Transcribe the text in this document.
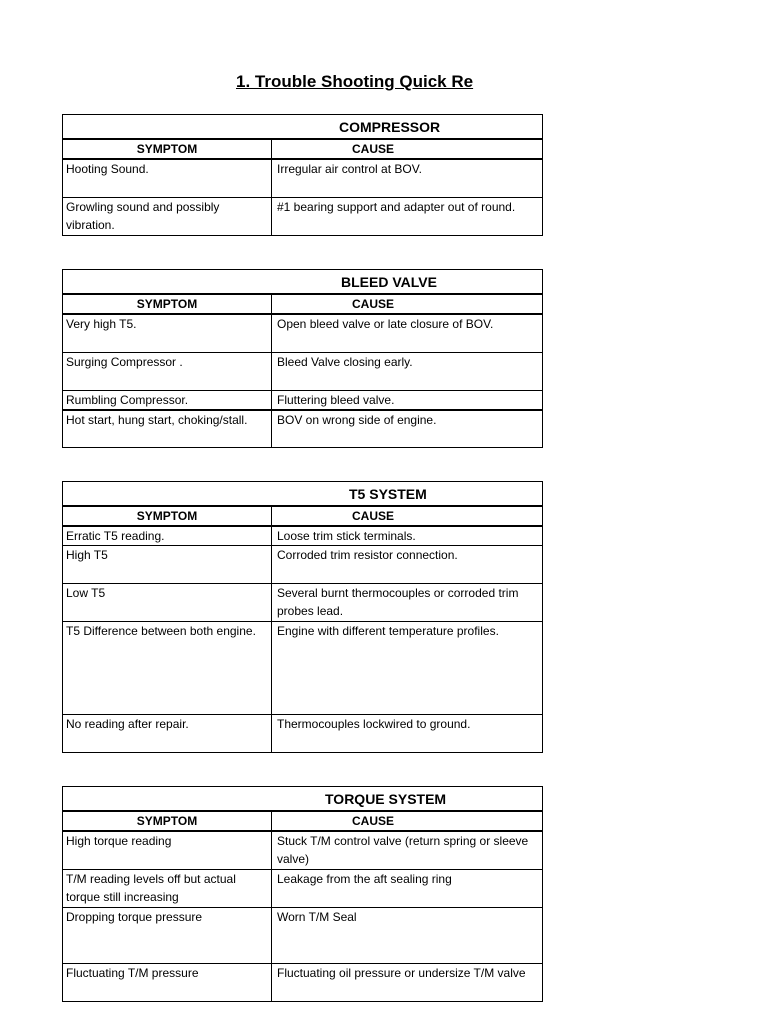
1. Trouble Shooting Quick Re
COMPRESSOR	
SYMPTOM	CAUSE
Hooting Sound.	Irregular air control at BOV.
Growling sound and possibly vibration.	#1 bearing support and adapter out of round.
BLEED VALVE	
SYMPTOM	CAUSE
Very high T5.	Open bleed valve or late closure of BOV.
Surging Compressor .	Bleed Valve closing early.
Rumbling Compressor.	Fluttering bleed valve.
Hot start, hung start, choking/stall.	BOV on wrong side of engine.
T5 SYSTEM	
SYMPTOM	CAUSE
Erratic T5 reading.	Loose trim stick terminals.
High T5	Corroded trim resistor connection.
Low T5	Several burnt thermocouples or corroded trim probes lead.
T5 Difference between both engine.	Engine with different temperature profiles.
No reading after repair.	Thermocouples lockwired to ground.
TORQUE SYSTEM	
SYMPTOM	CAUSE
High torque reading	Stuck T/M control valve (return spring or sleeve valve)
T/M reading levels off but actual torque still increasing	Leakage from the aft sealing ring
Dropping torque pressure	Worn T/M Seal
Fluctuating T/M pressure	Fluctuating oil pressure or undersize T/M valve
